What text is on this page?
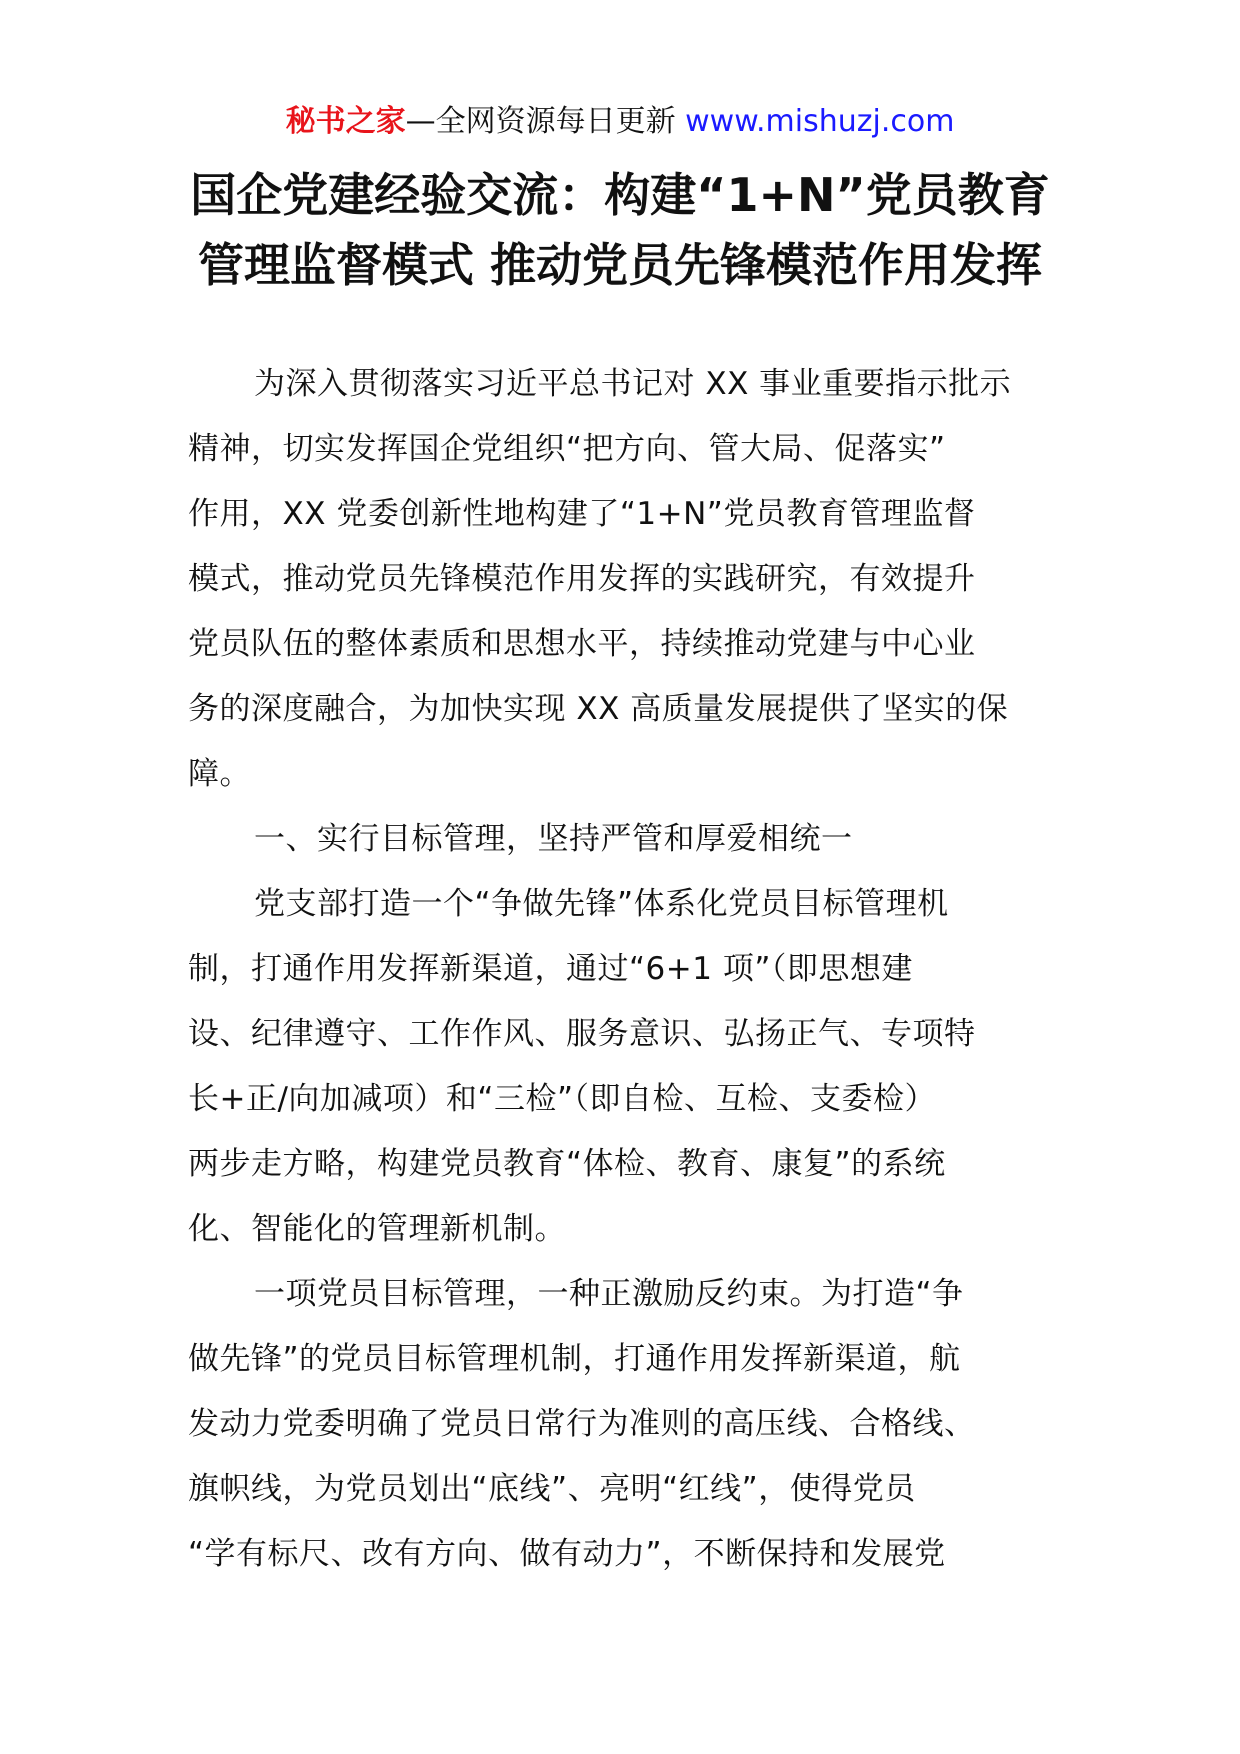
秘书之家—全网资源每日更新 www.mishuzj.com
国企党建经验交流：构建“1+N”党员教育
管理监督模式 推动党员先锋模范作用发挥
为深入贯彻落实习近平总书记对 XX 事业重要指示批示
精神，切实发挥国企党组织“把方向、管大局、促落实”
作用，XX 党委创新性地构建了“1+N”党员教育管理监督
模式，推动党员先锋模范作用发挥的实践研究，有效提升
党员队伍的整体素质和思想水平，持续推动党建与中心业
务的深度融合，为加快实现 XX 高质量发展提供了坚实的保
障。
一、实行目标管理，坚持严管和厚爱相统一
党支部打造一个“争做先锋”体系化党员目标管理机
制，打通作用发挥新渠道，通过“6+1 项”（即思想建
设、纪律遵守、工作作风、服务意识、弘扬正气、专项特
长+正/向加减项）和“三检”（即自检、互检、支委检）
两步走方略，构建党员教育“体检、教育、康复”的系统
化、智能化的管理新机制。
一项党员目标管理，一种正激励反约束。为打造“争
做先锋”的党员目标管理机制，打通作用发挥新渠道，航
发动力党委明确了党员日常行为准则的高压线、合格线、
旗帜线，为党员划出“底线”、亮明“红线”，使得党员
“学有标尺、改有方向、做有动力”，不断保持和发展党
